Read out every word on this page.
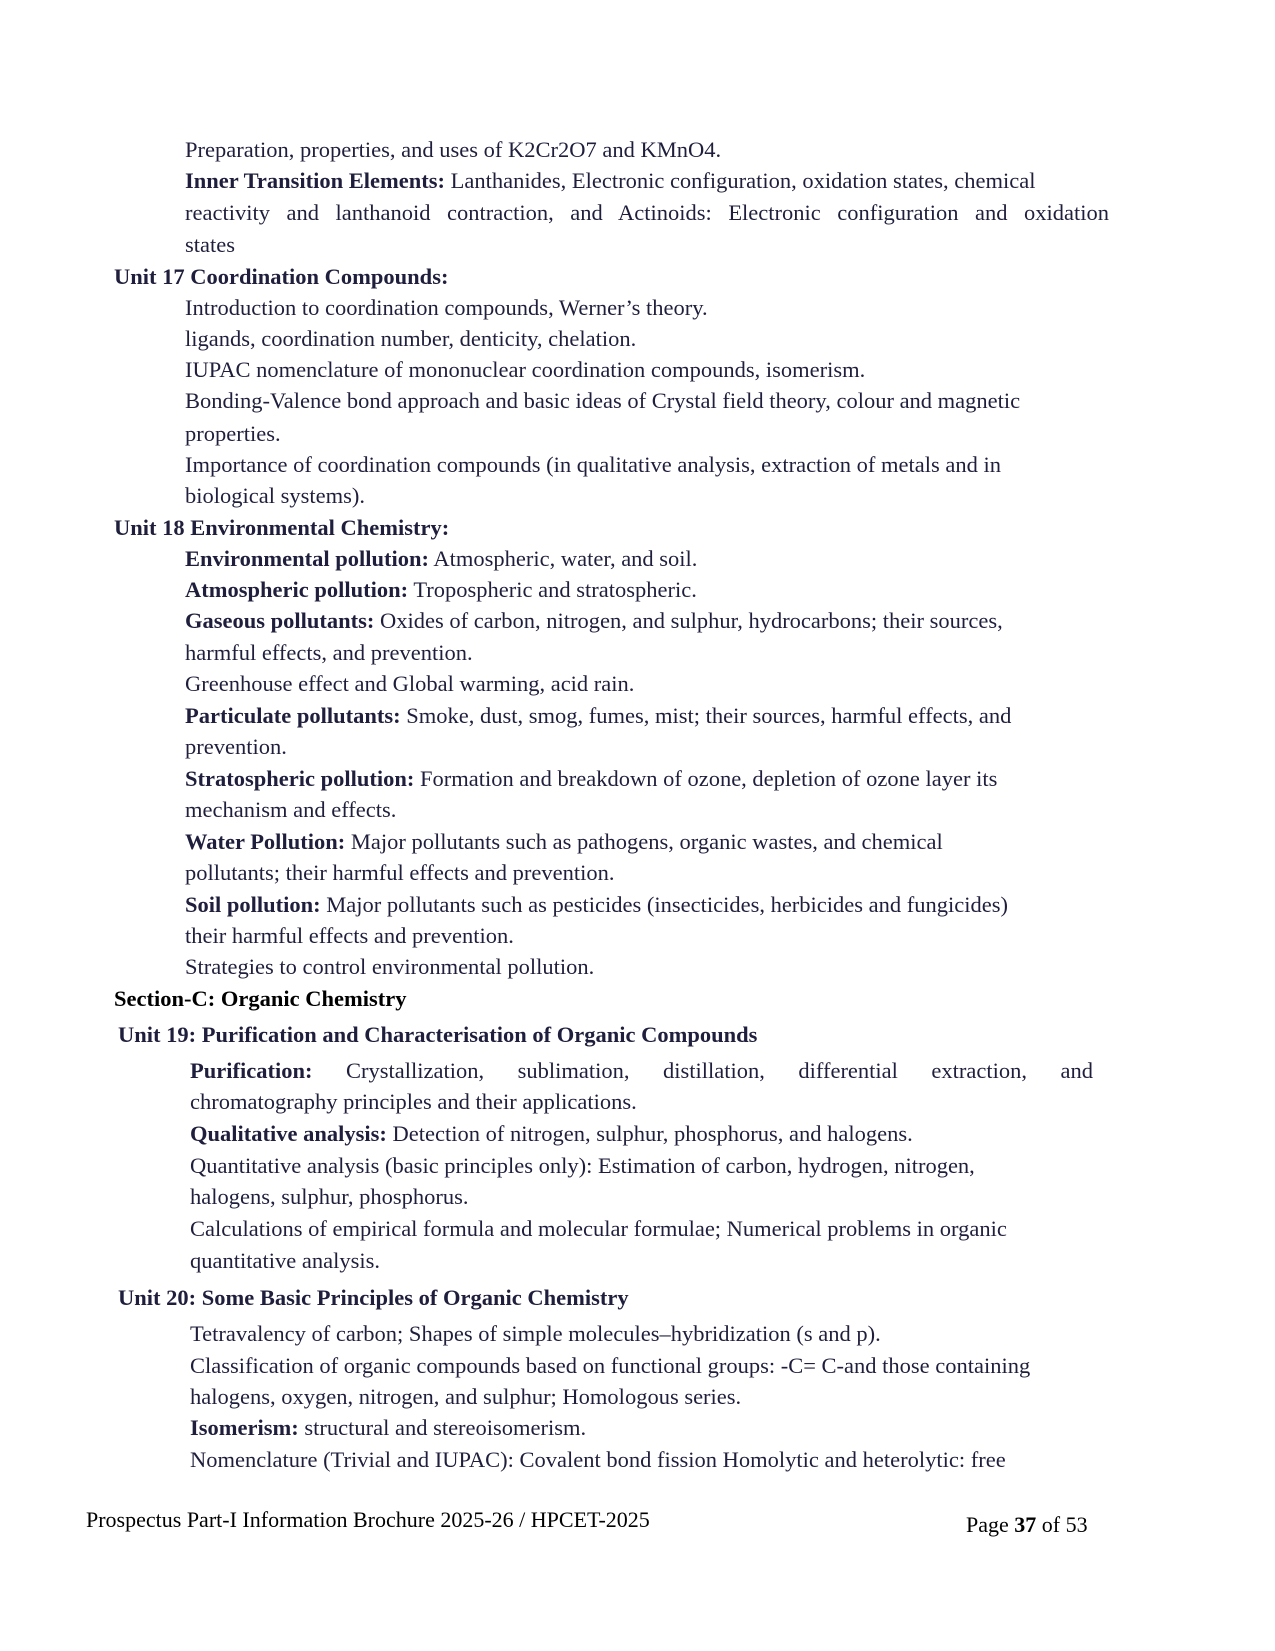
Preparation, properties, and uses of K2Cr2O7 and KMnO4.
Inner Transition Elements: Lanthanides, Electronic configuration, oxidation states, chemical
reactivity and lanthanoid contraction, and Actinoids: Electronic configuration and oxidation
states
Unit 17 Coordination Compounds:
Introduction to coordination compounds, Werner’s theory.
ligands, coordination number, denticity, chelation.
IUPAC nomenclature of mononuclear coordination compounds, isomerism.
Bonding-Valence bond approach and basic ideas of Crystal field theory, colour and magnetic
properties.
Importance of coordination compounds (in qualitative analysis, extraction of metals and in
biological systems).
Unit 18 Environmental Chemistry:
Environmental pollution: Atmospheric, water, and soil.
Atmospheric pollution: Tropospheric and stratospheric.
Gaseous pollutants: Oxides of carbon, nitrogen, and sulphur, hydrocarbons; their sources,
harmful effects, and prevention.
Greenhouse effect and Global warming, acid rain.
Particulate pollutants: Smoke, dust, smog, fumes, mist; their sources, harmful effects, and
prevention.
Stratospheric pollution: Formation and breakdown of ozone, depletion of ozone layer its
mechanism and effects.
Water Pollution: Major pollutants such as pathogens, organic wastes, and chemical
pollutants; their harmful effects and prevention.
Soil pollution: Major pollutants such as pesticides (insecticides, herbicides and fungicides)
their harmful effects and prevention.
Strategies to control environmental pollution.
Section-C: Organic Chemistry
Unit 19: Purification and Characterisation of Organic Compounds
Purification: Crystallization, sublimation, distillation, differential extraction, and
chromatography principles and their applications.
Qualitative analysis: Detection of nitrogen, sulphur, phosphorus, and halogens.
Quantitative analysis (basic principles only): Estimation of carbon, hydrogen, nitrogen,
halogens, sulphur, phosphorus.
Calculations of empirical formula and molecular formulae; Numerical problems in organic
quantitative analysis.
Unit 20: Some Basic Principles of Organic Chemistry
Tetravalency of carbon; Shapes of simple molecules–hybridization (s and p).
Classification of organic compounds based on functional groups: -C= C-and those containing
halogens, oxygen, nitrogen, and sulphur; Homologous series.
Isomerism: structural and stereoisomerism.
Nomenclature (Trivial and IUPAC): Covalent bond fission Homolytic and heterolytic: free
Prospectus Part-I Information Brochure 2025-26 / HPCET-2025	Page 37 of 53
